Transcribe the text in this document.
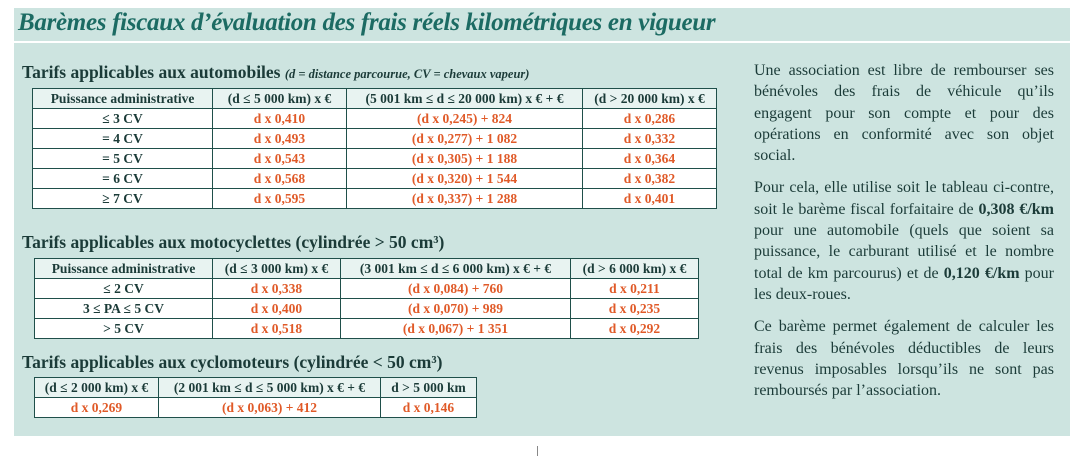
Barèmes fiscaux d’évaluation des frais réels kilométriques en vigueur
Tarifs applicables aux automobiles (d = distance parcourue, CV = chevaux vapeur)
Puissance administrative	(d ≤ 5 000 km) x €	(5 001 km ≤ d ≤ 20 000 km) x € + €	(d > 20 000 km) x €
≤ 3 CV	d x 0,410	(d x 0,245) + 824	d x 0,286
= 4 CV	d x 0,493	(d x 0,277) + 1 082	d x 0,332
= 5 CV	d x 0,543	(d x 0,305) + 1 188	d x 0,364
= 6 CV	d x 0,568	(d x 0,320) + 1 544	d x 0,382
≥ 7 CV	d x 0,595	(d x 0,337) + 1 288	d x 0,401
Tarifs applicables aux motocyclettes (cylindrée > 50 cm³)
Puissance administrative	(d ≤ 3 000 km) x €	(3 001 km ≤ d ≤ 6 000 km) x € + €	(d > 6 000 km) x €
≤ 2 CV	d x 0,338	(d x 0,084) + 760	d x 0,211
3 ≤ PA ≤ 5 CV	d x 0,400	(d x 0,070) + 989	d x 0,235
> 5 CV	d x 0,518	(d x 0,067) + 1 351	d x 0,292
Tarifs applicables aux cyclomoteurs (cylindrée < 50 cm³)
(d ≤ 2 000 km) x €	(2 001 km ≤ d ≤ 5 000 km) x € + €	d > 5 000 km
d x 0,269	(d x 0,063) + 412	d x 0,146

Une association est libre de rembourser ses bénévoles des frais de véhicule qu’ils engagent pour son compte et pour des opérations en conformité avec son objet social.

Pour cela, elle utilise soit le tableau ci-contre, soit le barème fiscal forfaitaire de 0,308 €/km pour une automobile (quels que soient sa puissance, le carburant utilisé et le nombre total de km parcourus) et de 0,120 €/km pour les deux-roues.

Ce barème permet également de calculer les frais des bénévoles déductibles de leurs revenus imposables lorsqu’ils ne sont pas remboursés par l’association.
